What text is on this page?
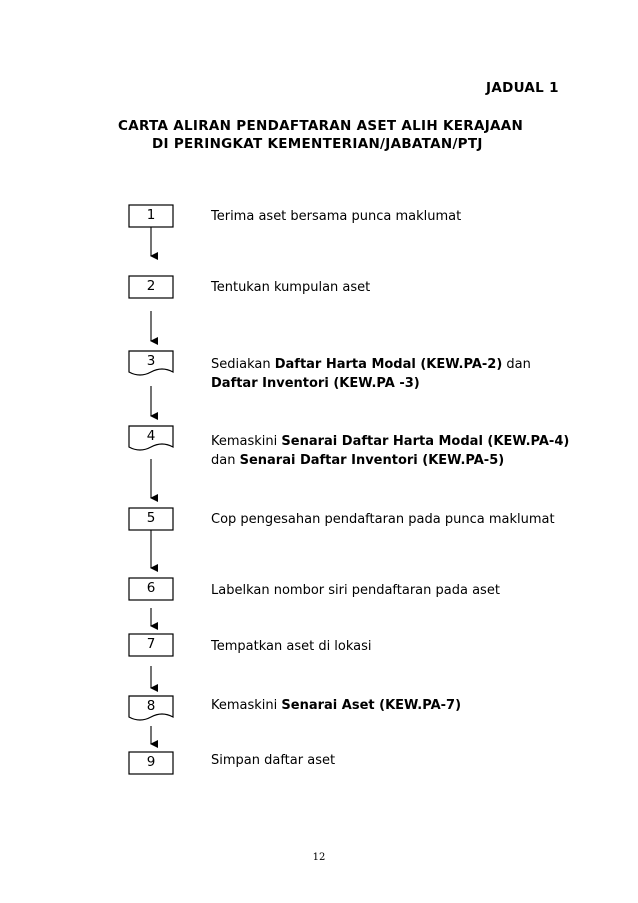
JADUAL 1
CARTA ALIRAN PENDAFTARAN ASET ALIH KERAJAAN
DI PERINGKAT KEMENTERIAN/JABATAN/PTJ
1
2
3
4
5
6
7
8
9
Terima aset bersama punca maklumat
Tentukan kumpulan aset
Sediakan Daftar Harta Modal (KEW.PA-2) dan Daftar Inventori (KEW.PA -3)
Kemaskini Senarai Daftar Harta Modal (KEW.PA-4) dan Senarai Daftar Inventori (KEW.PA-5)
Cop pengesahan pendaftaran pada punca maklumat
Labelkan nombor siri pendaftaran pada aset
Tempatkan aset di lokasi
Kemaskini Senarai Aset (KEW.PA-7)
Simpan daftar aset
12
